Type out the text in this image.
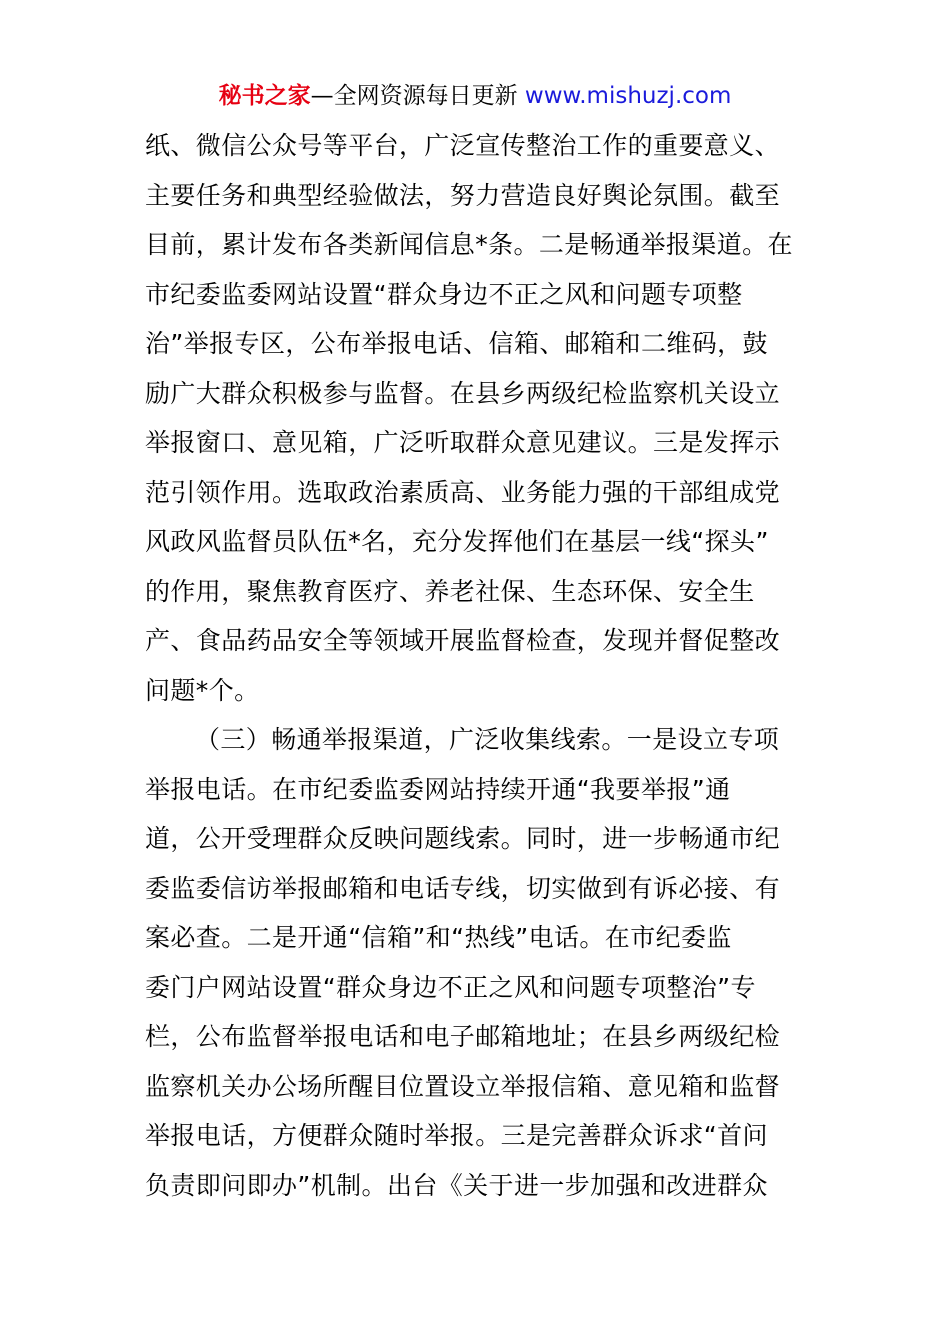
秘书之家—全网资源每日更新 www.mishuzj.com
纸、微信公众号等平台，广泛宣传整治工作的重要意义、
主要任务和典型经验做法，努力营造良好舆论氛围。截至
目前，累计发布各类新闻信息*条。二是畅通举报渠道。在
市纪委监委网站设置“群众身边不正之风和问题专项整
治”举报专区，公布举报电话、信箱、邮箱和二维码，鼓
励广大群众积极参与监督。在县乡两级纪检监察机关设立
举报窗口、意见箱，广泛听取群众意见建议。三是发挥示
范引领作用。选取政治素质高、业务能力强的干部组成党
风政风监督员队伍*名，充分发挥他们在基层一线“探头”
的作用，聚焦教育医疗、养老社保、生态环保、安全生
产、食品药品安全等领域开展监督检查，发现并督促整改
问题*个。
（三）畅通举报渠道，广泛收集线索。一是设立专项
举报电话。在市纪委监委网站持续开通“我要举报”通
道，公开受理群众反映问题线索。同时，进一步畅通市纪
委监委信访举报邮箱和电话专线，切实做到有诉必接、有
案必查。二是开通“信箱”和“热线”电话。在市纪委监
委门户网站设置“群众身边不正之风和问题专项整治”专
栏，公布监督举报电话和电子邮箱地址；在县乡两级纪检
监察机关办公场所醒目位置设立举报信箱、意见箱和监督
举报电话，方便群众随时举报。三是完善群众诉求“首问
负责即问即办”机制。出台《关于进一步加强和改进群众
